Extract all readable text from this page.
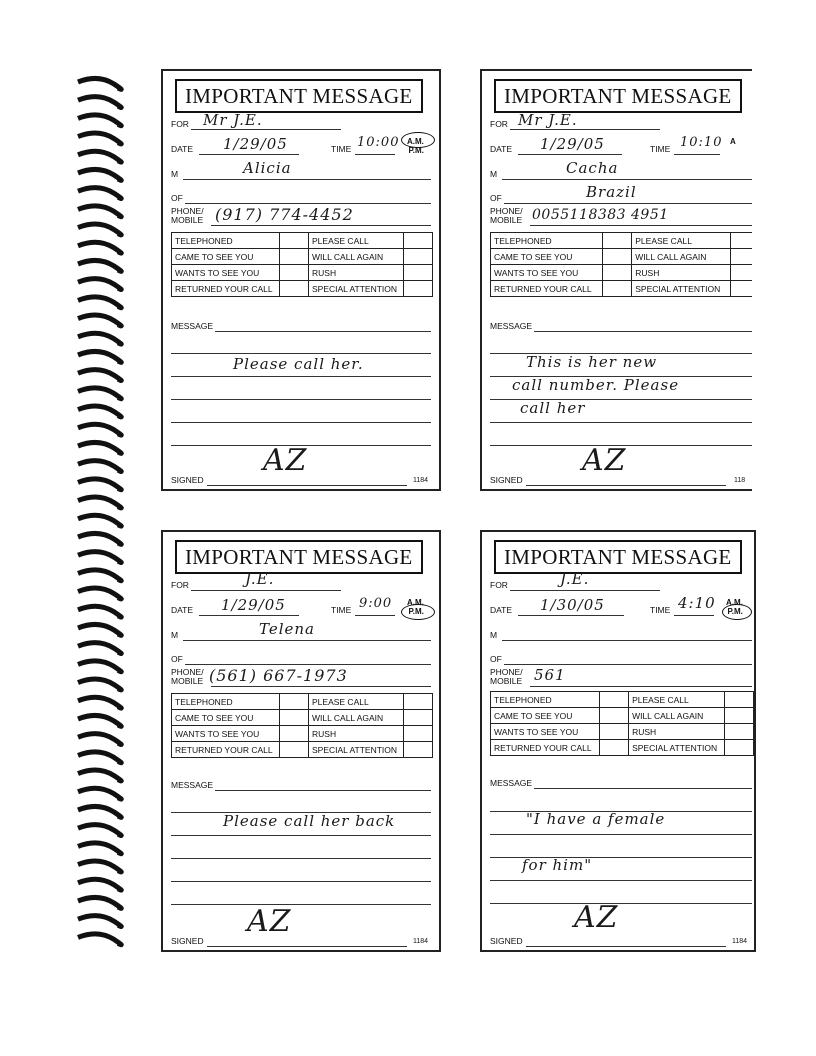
IMPORTANT MESSAGE
FOR Mr J.E.
DATE 1/29/05	TIME 10:00 A.M.
P.M.
M	Alicia
OF
PHONE/
MOBILE (917) 774-4452
TELEPHONED		PLEASE CALL	
CAME TO SEE YOU		WILL CALL AGAIN	
WANTS TO SEE YOU		RUSH	
RETURNED YOUR CALL		SPECIAL ATTENTION	
MESSAGE
Please call her.
SIGNED
AZ
1184
IMPORTANT MESSAGE
FOR Mr J.E.
DATE 1/29/05	TIME 10:10 A
M	Cacha
OF	Brazil
PHONE/
MOBILE 0055118383 4951
TELEPHONED		PLEASE CALL	
CAME TO SEE YOU		WILL CALL AGAIN	
WANTS TO SEE YOU		RUSH	
RETURNED YOUR CALL		SPECIAL ATTENTION	
MESSAGE
This is her new
call number. Please
call her
SIGNED
AZ
118
IMPORTANT MESSAGE
FOR	J.E.
DATE 1/29/05	TIME 9:00 A.M.
P.M.
M	Telena
OF
PHONE/
MOBILE (561) 667-1973
TELEPHONED		PLEASE CALL	
CAME TO SEE YOU		WILL CALL AGAIN	
WANTS TO SEE YOU		RUSH	
RETURNED YOUR CALL		SPECIAL ATTENTION	
MESSAGE
Please call her back
SIGNED
AZ
1184
IMPORTANT MESSAGE
FOR	J.E.
DATE 1/30/05	TIME 4:10 A.M.
P.M.
M
OF
PHONE/
MOBILE 561
TELEPHONED		PLEASE CALL	
CAME TO SEE YOU		WILL CALL AGAIN	
WANTS TO SEE YOU		RUSH	
RETURNED YOUR CALL		SPECIAL ATTENTION	
MESSAGE
"I have a female
for him"
SIGNED
AZ
1184
